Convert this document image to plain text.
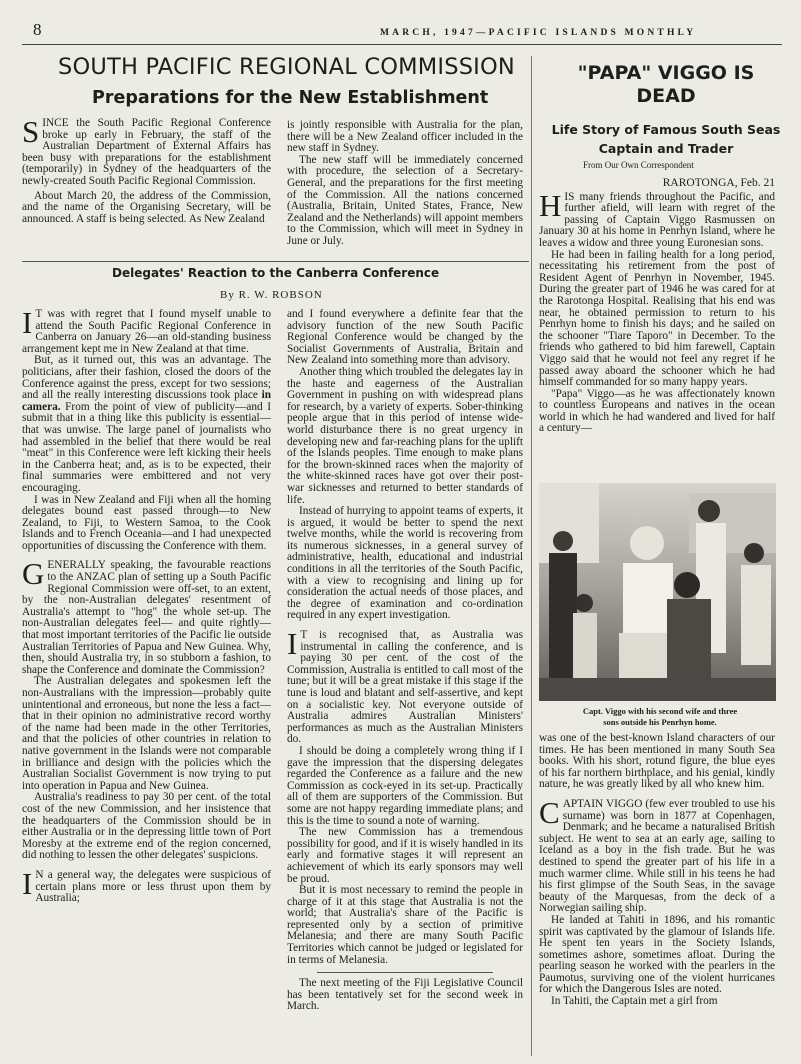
8	MARCH, 1947—PACIFIC ISLANDS MONTHLY
SOUTH PACIFIC REGIONAL COMMISSION
Preparations for the New Establishment
"PAPA" VIGGO IS
DEAD
Life Story of Famous South Seas
Captain and Trader
From Our Own Correspondent

SINCE the South Pacific Regional Conference broke up early in February, the staff of the Australian Department of External Affairs has been busy with preparations for the establishment (temporarily) in Sydney of the headquarters of the newly-created South Pacific Regional Commission.

About March 20, the address of the Commission, and the name of the Organising Secretary, will be announced. A staff is being selected. As New Zealand

is jointly responsible with Australia for the plan, there will be a New Zealand officer included in the new staff in Sydney.

The new staff will be immediately concerned with procedure, the selection of a Secretary-General, and the preparations for the first meeting of the Commission. All the nations concerned (Australia, Britain, United States, France, New Zealand and the Netherlands) will appoint members to the Commission, which will meet in Sydney in June or July.

Delegates' Reaction to the Canberra Conference
By R. W. ROBSON

I T was with regret that I found myself unable to attend the South Pacific Regional Conference in Canberra on January 26—an old-standing business arrangement kept me in New Zealand at that time.

But, as it turned out, this was an advantage. The politicians, after their fashion, closed the doors of the Conference against the press, except for two sessions; and all the really interesting discussions took place in camera. From the point of view of publicity—and I submit that in a thing like this publicity is essential—that was unwise. The large panel of journalists who had assembled in the belief that there would be real "meat" in this Conference were left kicking their heels in the Canberra heat; and, as is to be expected, their final summaries were embittered and not very encouraging.

I was in New Zealand and Fiji when all the homing delegates bound east passed through—to New Zealand, to Fiji, to Western Samoa, to the Cook Islands and to French Oceania—and I had unexpected opportunities of discussing the Conference with them.

GENERALLY speaking, the favourable reactions to the ANZAC plan of setting up a South Pacific Regional Commission were off-set, to an extent, by the non-Australian delegates' resentment of Australia's attempt to "hog" the whole set-up. The non-Australian delegates feel— and quite rightly—that most important territories of the Pacific lie outside Australian Territories of Papua and New Guinea. Why, then, should Australia try, in so stubborn a fashion, to shape the Conference and dominate the Commission?

The Australian delegates and spokesmen left the non-Australians with the impression—probably quite unintentional and erroneous, but none the less a fact—that in their opinion no administrative record worthy of the name had been made in the other Territories, and that the policies of other countries in relation to native government in the Islands were not comparable in brilliance and design with the policies which the Australian Socialist Government is now trying to put into operation in Papua and New Guinea.

Australia's readiness to pay 30 per cent. of the total cost of the new Commission, and her insistence that the headquarters of the Commission should be in either Australia or in the depressing little town of Port Moresby at the extreme end of the region concerned, did nothing to lessen the other delegates' suspicions.

I N a general way, the delegates were suspicious of certain plans more or less thrust upon them by Australia;

and I found everywhere a definite fear that the advisory function of the new South Pacific Regional Conference would be changed by the Socialist Governments of Australia, Britain and New Zealand into something more than advisory.

Another thing which troubled the delegates lay in the haste and eagerness of the Australian Government in pushing on with widespread plans for research, by a variety of experts. Sober-thinking people argue that in this period of intense wide-world disturbance there is no great urgency in developing new and far-reaching plans for the uplift of the Islands peoples. Time enough to make plans for the brown-skinned races when the majority of the white-skinned races have got over their post-war sicknesses and returned to better standards of life.

Instead of hurrying to appoint teams of experts, it is argued, it would be better to spend the next twelve months, while the world is recovering from its numerous sicknesses, in a general survey of administrative, health, educational and industrial conditions in all the territories of the South Pacific, with a view to recognising and lining up for consideration the actual needs of those places, and the degree of examination and co-ordination required in any expert investigation.

I T is recognised that, as Australia was instrumental in calling the conference, and is paying 30 per cent. of the cost of the Commission, Australia is entitled to call most of the tune; but it will be a great mistake if this stage if the tune is loud and blatant and self-assertive, and kept on a socialistic key. Not everyone outside of Australia admires Australian Ministers' performances as much as the Australian Ministers do.

I should be doing a completely wrong thing if I gave the impression that the dispersing delegates regarded the Conference as a failure and the new Commission as cock-eyed in its set-up. Practically all of them are supporters of the Commission. But some are not happy regarding immediate plans; and this is the time to sound a note of warning.

The new Commission has a tremendous possibility for good, and if it is wisely handled in its early and formative stages it will represent an achievement of which its early sponsors may well be proud.

But it is most necessary to remind the people in charge of it at this stage that Australia is not the world; that Australia's share of the Pacific is represented only by a section of primitive Melanesia; and there are many South Pacific Territories which cannot be judged or legislated for in terms of Melanesia.

The next meeting of the Fiji Legislative Council has been tentatively set for the second week in March.

RAROTONGA, Feb. 21

HIS many friends throughout the Pacific, and further afield, will learn with regret of the passing of Captain Viggo Rasmussen on January 30 at his home in Penrhyn Island, where he leaves a widow and three young Euronesian sons.

He had been in failing health for a long period, necessitating his retirement from the post of Resident Agent of Penrhyn in November, 1945. During the greater part of 1946 he was cared for at the Rarotonga Hospital. Realising that his end was near, he obtained permission to return to his Penrhyn home to finish his days; and he sailed on the schooner "Tiare Taporo" in December. To the friends who gathered to bid him farewell, Captain Viggo said that he would not feel any regret if he passed away aboard the schooner which he had himself commanded for so many happy years.

"Papa" Viggo—as he was affectionately known to countless Europeans and natives in the ocean world in which he had wandered and lived for half a century—

Capt. Viggo with his second wife and three
sons outside his Penrhyn home.

was one of the best-known Island characters of our times. He has been mentioned in many South Sea books. With his short, rotund figure, the blue eyes of his far northern birthplace, and his genial, kindly nature, he was greatly liked by all who knew him.

CAPTAIN VIGGO (few ever troubled to use his surname) was born in 1877 at Copenhagen, Denmark; and he became a naturalised British subject. He went to sea at an early age, sailing to Iceland as a boy in the fish trade. But he was destined to spend the greater part of his life in a much warmer clime. While still in his teens he had his first glimpse of the South Seas, in the savage beauty of the Marquesas, from the deck of a Norwegian sailing ship.

He landed at Tahiti in 1896, and his romantic spirit was captivated by the glamour of Islands life. He spent ten years in the Society Islands, sometimes ashore, sometimes afloat. During the pearling season he worked with the pearlers in the Paumotus, surviving one of the violent hurricanes for which the Dangerous Isles are noted.

In Tahiti, the Captain met a girl from
